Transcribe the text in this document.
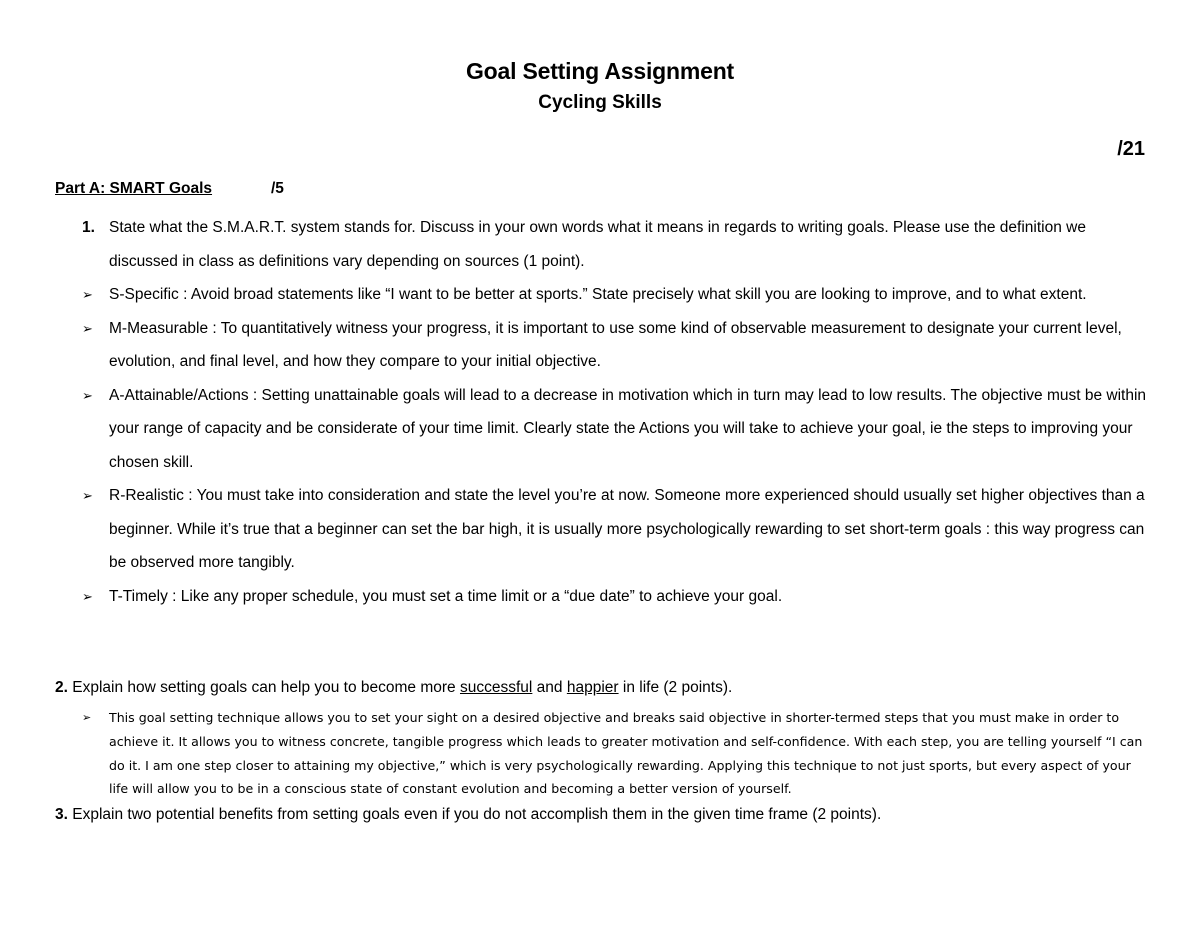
Goal Setting Assignment
Cycling Skills
/21
Part A: SMART Goals	/5
1. State what the S.M.A.R.T. system stands for. Discuss in your own words what it means in regards to writing goals. Please use the definition we discussed in class as definitions vary depending on sources (1 point).
➢ S-Specific : Avoid broad statements like “I want to be better at sports.” State precisely what skill you are looking to improve, and to what extent.
➢ M-Measurable : To quantitatively witness your progress, it is important to use some kind of observable measurement to designate your current level, evolution, and final level, and how they compare to your initial objective.
➢ A-Attainable/Actions : Setting unattainable goals will lead to a decrease in motivation which in turn may lead to low results. The objective must be within your range of capacity and be considerate of your time limit. Clearly state the Actions you will take to achieve your goal, ie the steps to improving your chosen skill.
➢ R-Realistic : You must take into consideration and state the level you’re at now. Someone more experienced should usually set higher objectives than a beginner. While it’s true that a beginner can set the bar high, it is usually more psychologically rewarding to set short-term goals : this way progress can be observed more tangibly.
➢ T-Timely : Like any proper schedule, you must set a time limit or a “due date” to achieve your goal.
2. Explain how setting goals can help you to become more successful and happier in life (2 points).
➢ This goal setting technique allows you to set your sight on a desired objective and breaks said objective in shorter-termed steps that you must make in order to achieve it. It allows you to witness concrete, tangible progress which leads to greater motivation and self-confidence. With each step, you are telling yourself “I can do it. I am one step closer to attaining my objective,” which is very psychologically rewarding. Applying this technique to not just sports, but every aspect of your life will allow you to be in a conscious state of constant evolution and becoming a better version of yourself.
3. Explain two potential benefits from setting goals even if you do not accomplish them in the given time frame (2 points).
